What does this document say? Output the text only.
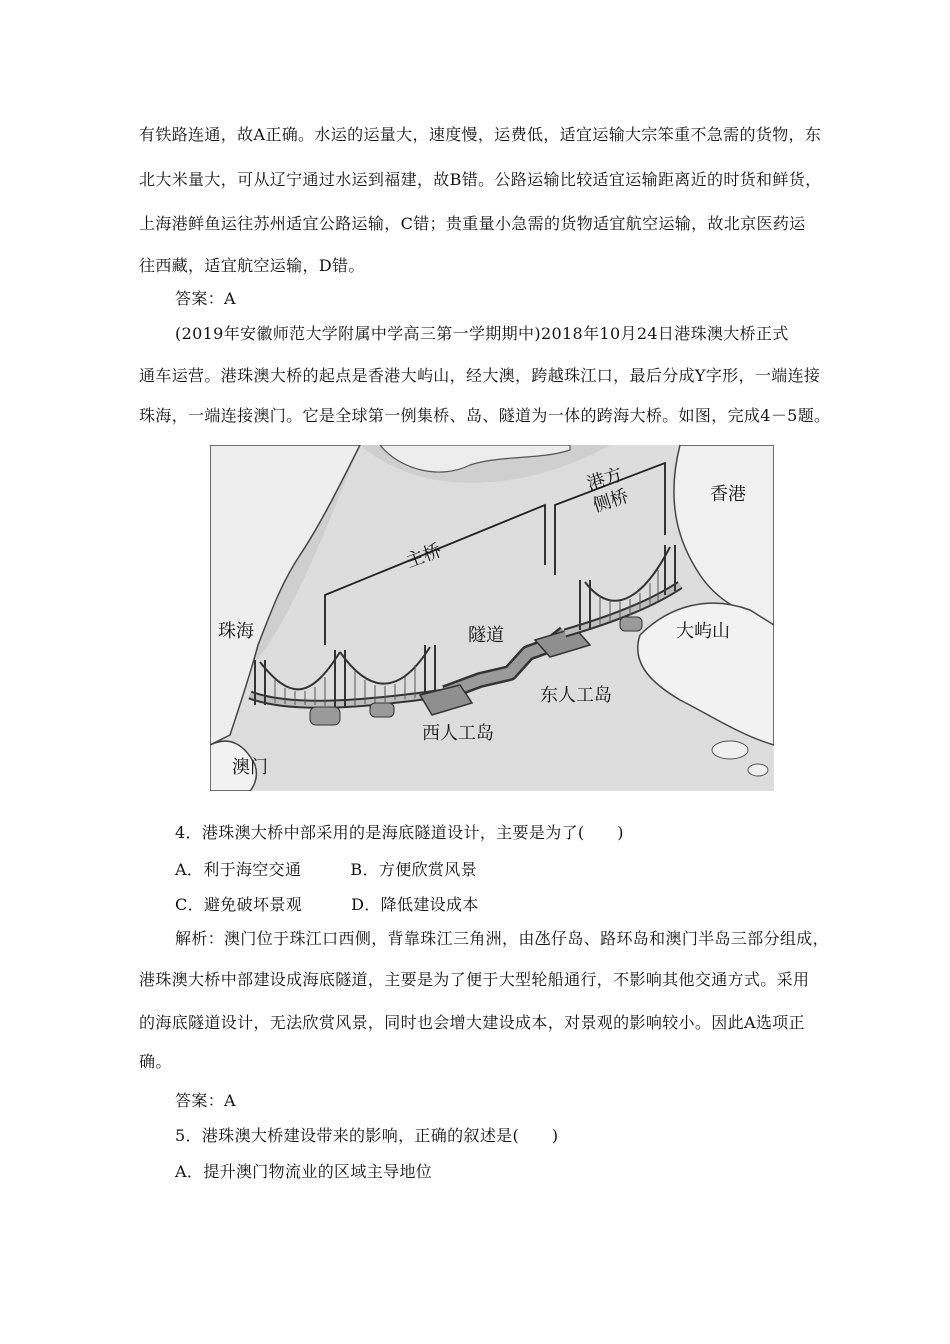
有铁路连通，故A正确。水运的运量大，速度慢，运费低，适宜运输大宗笨重不急需的货物，东
北大米量大，可从辽宁通过水运到福建，故B错。公路运输比较适宜运输距离近的时货和鲜货，
上海港鲜鱼运往苏州适宜公路运输，C错；贵重量小急需的货物适宜航空运输，故北京医药运
往西藏，适宜航空运输，D错。
答案：A
(2019年安徽师范大学附属中学高三第一学期期中)2018年10月24日港珠澳大桥正式
通车运营。港珠澳大桥的起点是香港大屿山，经大澳，跨越珠江口，最后分成Y字形，一端连接
珠海，一端连接澳门。它是全球第一例集桥、岛、隧道为一体的跨海大桥。如图，完成4－5题。
主桥
港方
侧桥	香港
珠海	隧道	大屿山
东人工岛
西人工岛
澳门
4．港珠澳大桥中部采用的是海底隧道设计，主要是为了(　　)
A．利于海空交通　　　B．方便欣赏风景
C．避免破坏景观　　　D．降低建设成本
解析：澳门位于珠江口西侧，背靠珠江三角洲，由氹仔岛、路环岛和澳门半岛三部分组成，
港珠澳大桥中部建设成海底隧道，主要是为了便于大型轮船通行，不影响其他交通方式。采用
的海底隧道设计，无法欣赏风景，同时也会增大建设成本，对景观的影响较小。因此A选项正
确。
答案：A
5．港珠澳大桥建设带来的影响，正确的叙述是(　　)
A．提升澳门物流业的区域主导地位
